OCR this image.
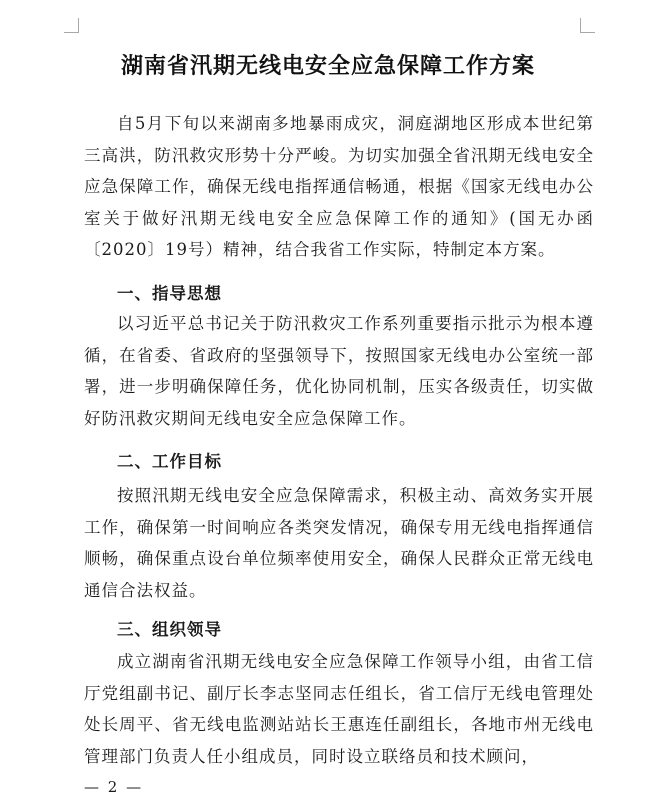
湖南省汛期无线电安全应急保障工作方案

自5月下旬以来湖南多地暴雨成灾，洞庭湖地区形成本世纪第三高洪，防汛救灾形势十分严峻。为切实加强全省汛期无线电安全应急保障工作，确保无线电指挥通信畅通，根据《国家无线电办公室关于做好汛期无线电安全应急保障工作的通知》(国无办函〔2020〕19号）精神，结合我省工作实际，特制定本方案。

一、指导思想

以习近平总书记关于防汛救灾工作系列重要指示批示为根本遵循，在省委、省政府的坚强领导下，按照国家无线电办公室统一部署，进一步明确保障任务，优化协同机制，压实各级责任，切实做好防汛救灾期间无线电安全应急保障工作。

二、工作目标

按照汛期无线电安全应急保障需求，积极主动、高效务实开展工作，确保第一时间响应各类突发情况，确保专用无线电指挥通信顺畅，确保重点设台单位频率使用安全，确保人民群众正常无线电通信合法权益。

三、组织领导

成立湖南省汛期无线电安全应急保障工作领导小组，由省工信厅党组副书记、副厅长李志坚同志任组长，省工信厅无线电管理处处长周平、省无线电监测站站长王惠连任副组长，各地市州无线电管理部门负责人任小组成员，同时设立联络员和技术顾问，

— 2 —
